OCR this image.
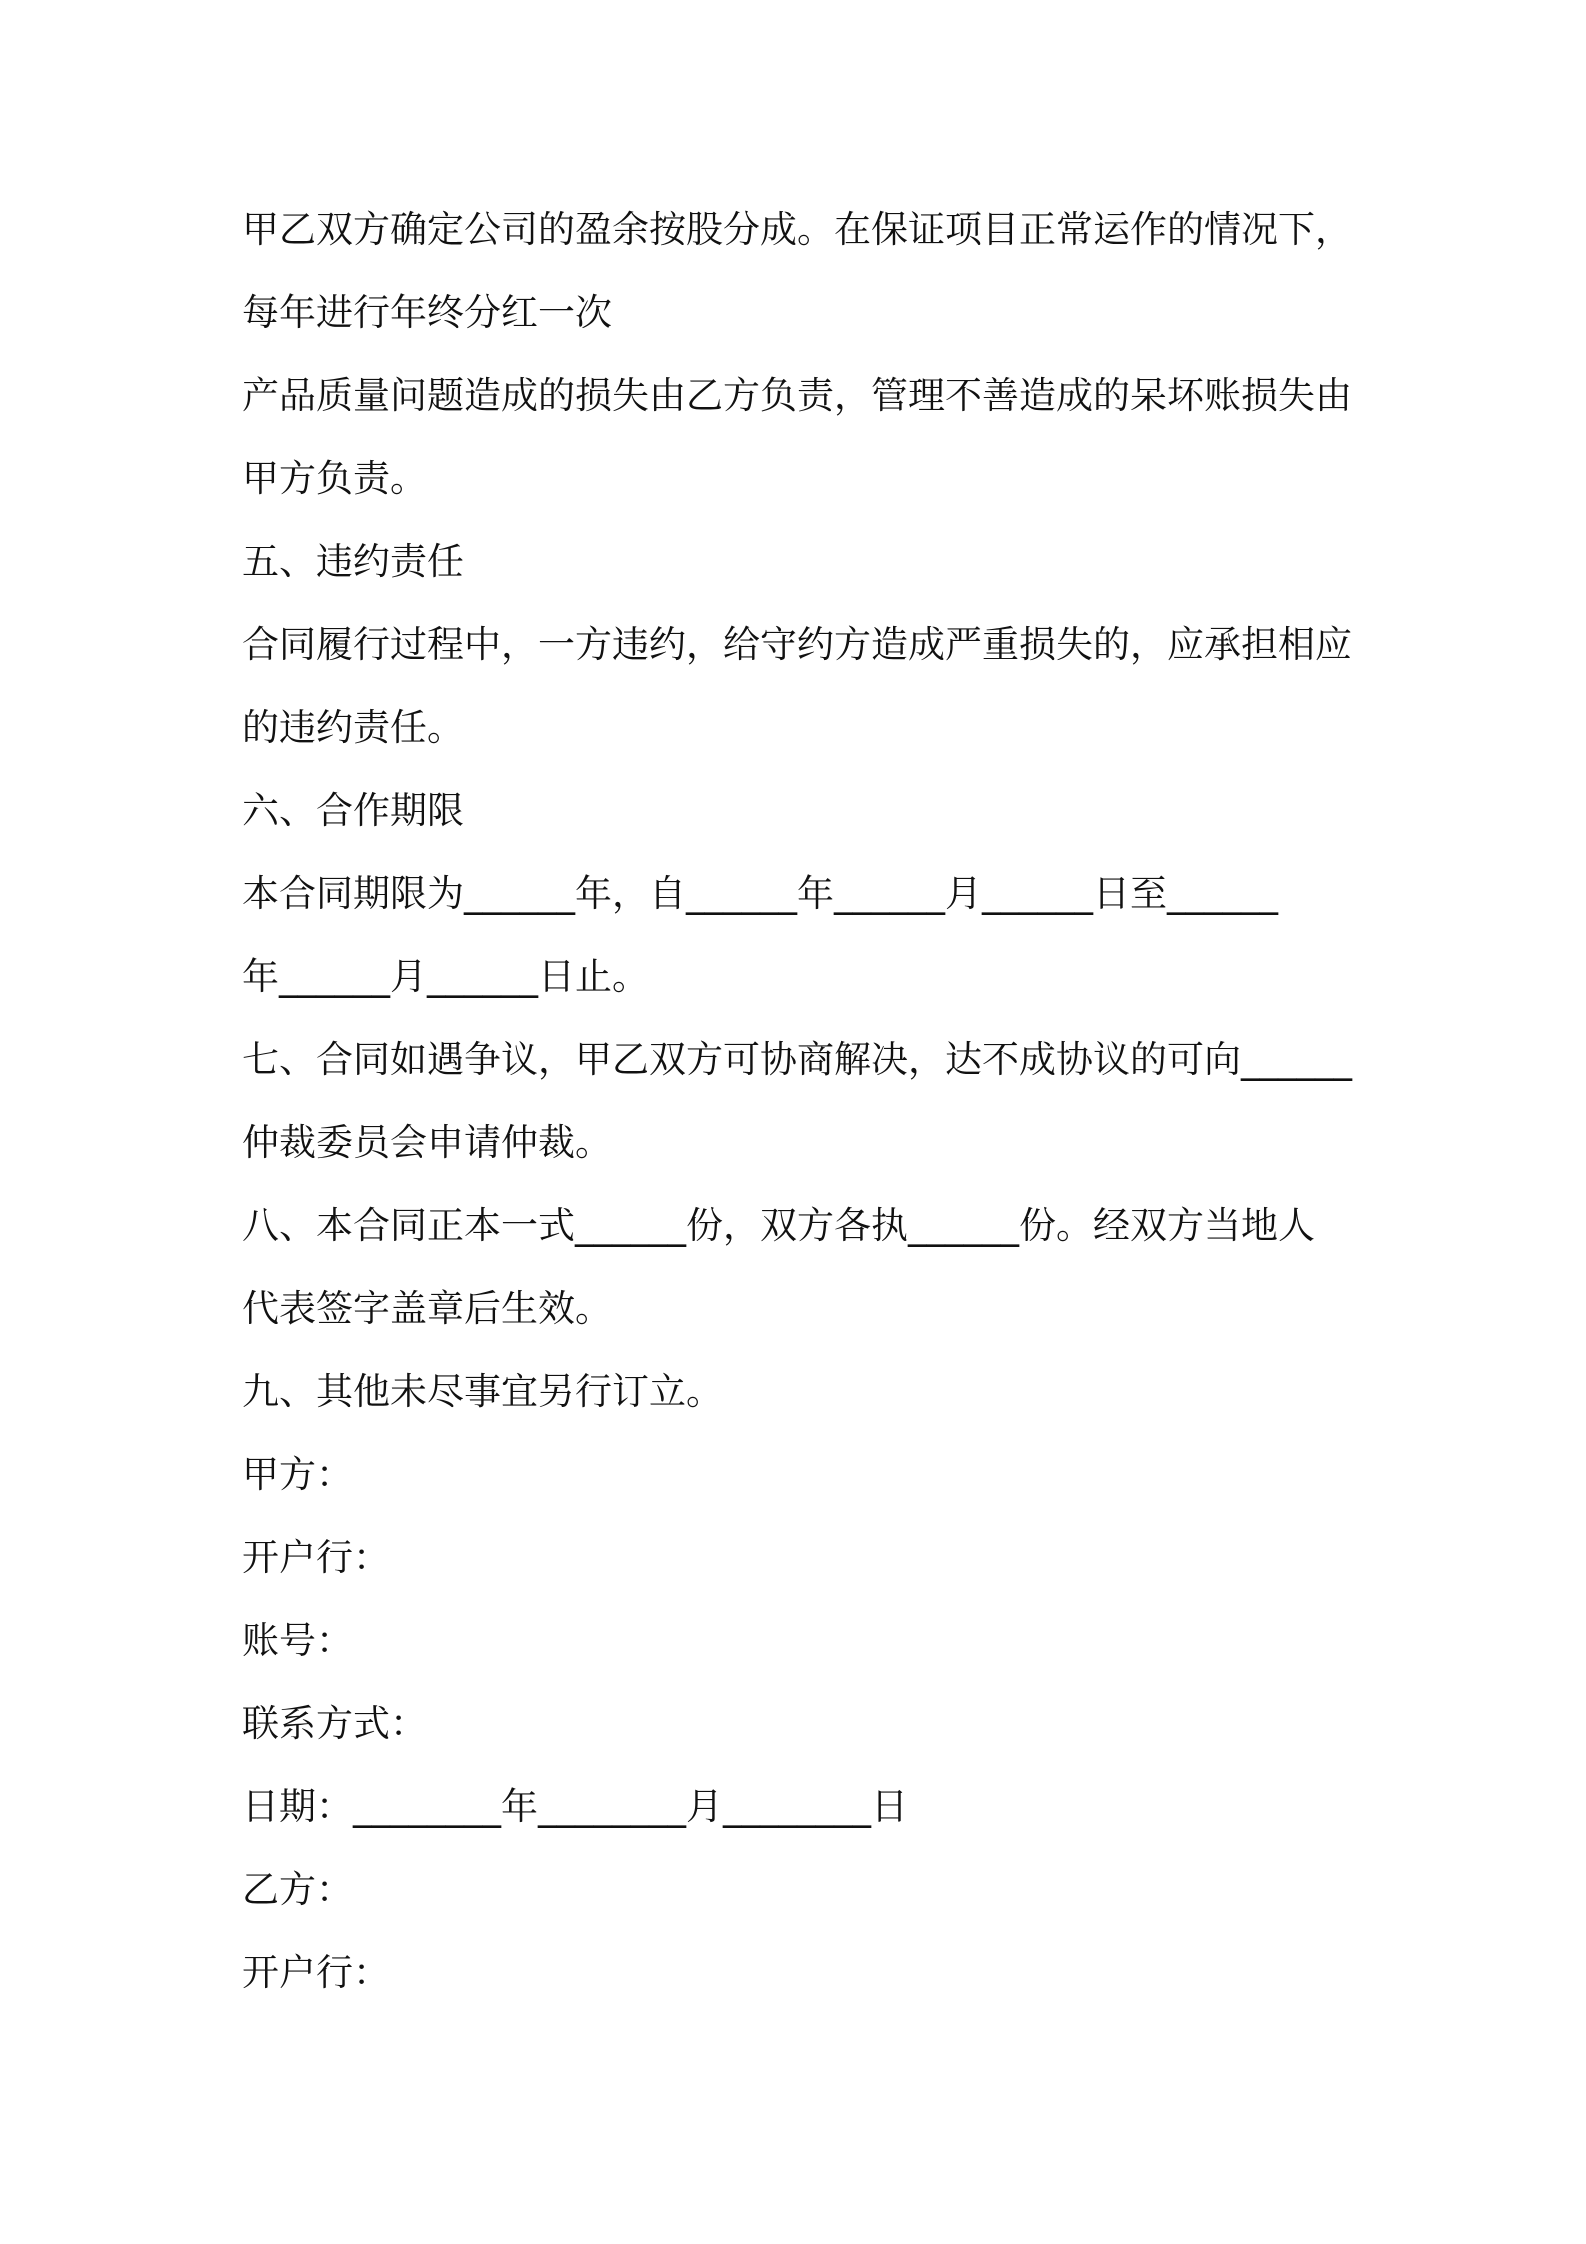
甲乙双方确定公司的盈余按股分成。在保证项目正常运作的情况下，
每年进行年终分红一次
产品质量问题造成的损失由乙方负责，管理不善造成的呆坏账损失由
甲方负责。
五、违约责任
合同履行过程中，一方违约，给守约方造成严重损失的，应承担相应
的违约责任。
六、合作期限
本合同期限为______年，自______年______月______日至______
年______月______日止。
七、合同如遇争议，甲乙双方可协商解决，达不成协议的可向______
仲裁委员会申请仲裁。
八、本合同正本一式______份，双方各执______份。经双方当地人
代表签字盖章后生效。
九、其他未尽事宜另行订立。
甲方：
开户行：
账号：
联系方式：
日期：________年________月________日
乙方：
开户行：
